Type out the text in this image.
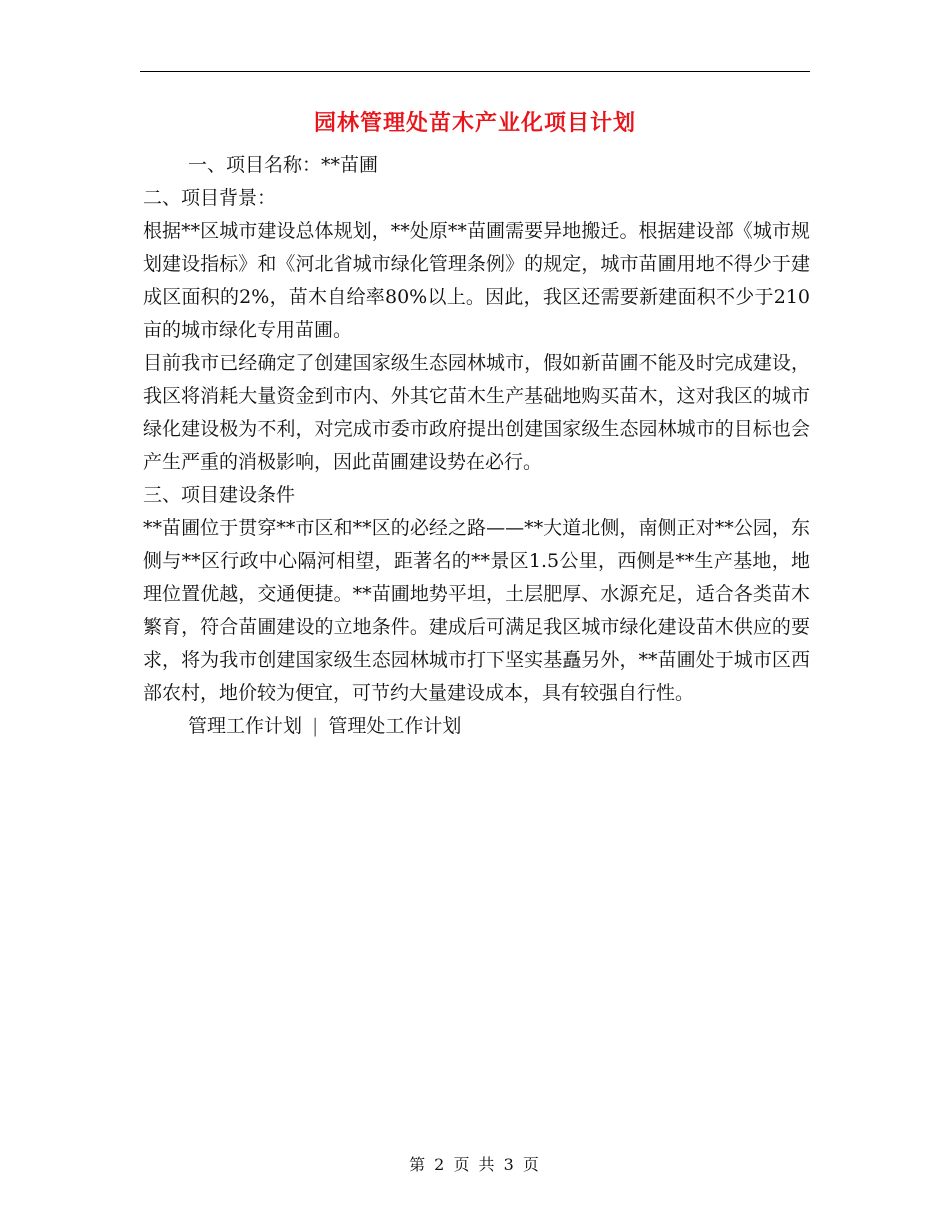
园林管理处苗木产业化项目计划

一、项目名称：**苗圃

二、项目背景：

根据**区城市建设总体规划，**处原**苗圃需要异地搬迁。根据建设部《城市规划建设指标》和《河北省城市绿化管理条例》的规定，城市苗圃用地不得少于建成区面积的2%，苗木自给率80%以上。因此，我区还需要新建面积不少于210亩的城市绿化专用苗圃。

目前我市已经确定了创建国家级生态园林城市，假如新苗圃不能及时完成建设，我区将消耗大量资金到市内、外其它苗木生产基础地购买苗木，这对我区的城市绿化建设极为不利，对完成市委市政府提出创建国家级生态园林城市的目标也会产生严重的消极影响，因此苗圃建设势在必行。

三、项目建设条件

**苗圃位于贯穿**市区和**区的必经之路——**大道北侧，南侧正对**公园，东侧与**区行政中心隔河相望，距著名的**景区1.5公里，西侧是**生产基地，地理位置优越，交通便捷。**苗圃地势平坦，土层肥厚、水源充足，适合各类苗木繁育，符合苗圃建设的立地条件。建成后可满足我区城市绿化建设苗木供应的要求，将为我市创建国家级生态园林城市打下坚实基矗另外，**苗圃处于城市区西部农村，地价较为便宜，可节约大量建设成本，具有较强自行性。

管理工作计划 | 管理处工作计划

第 2 页 共 3 页
